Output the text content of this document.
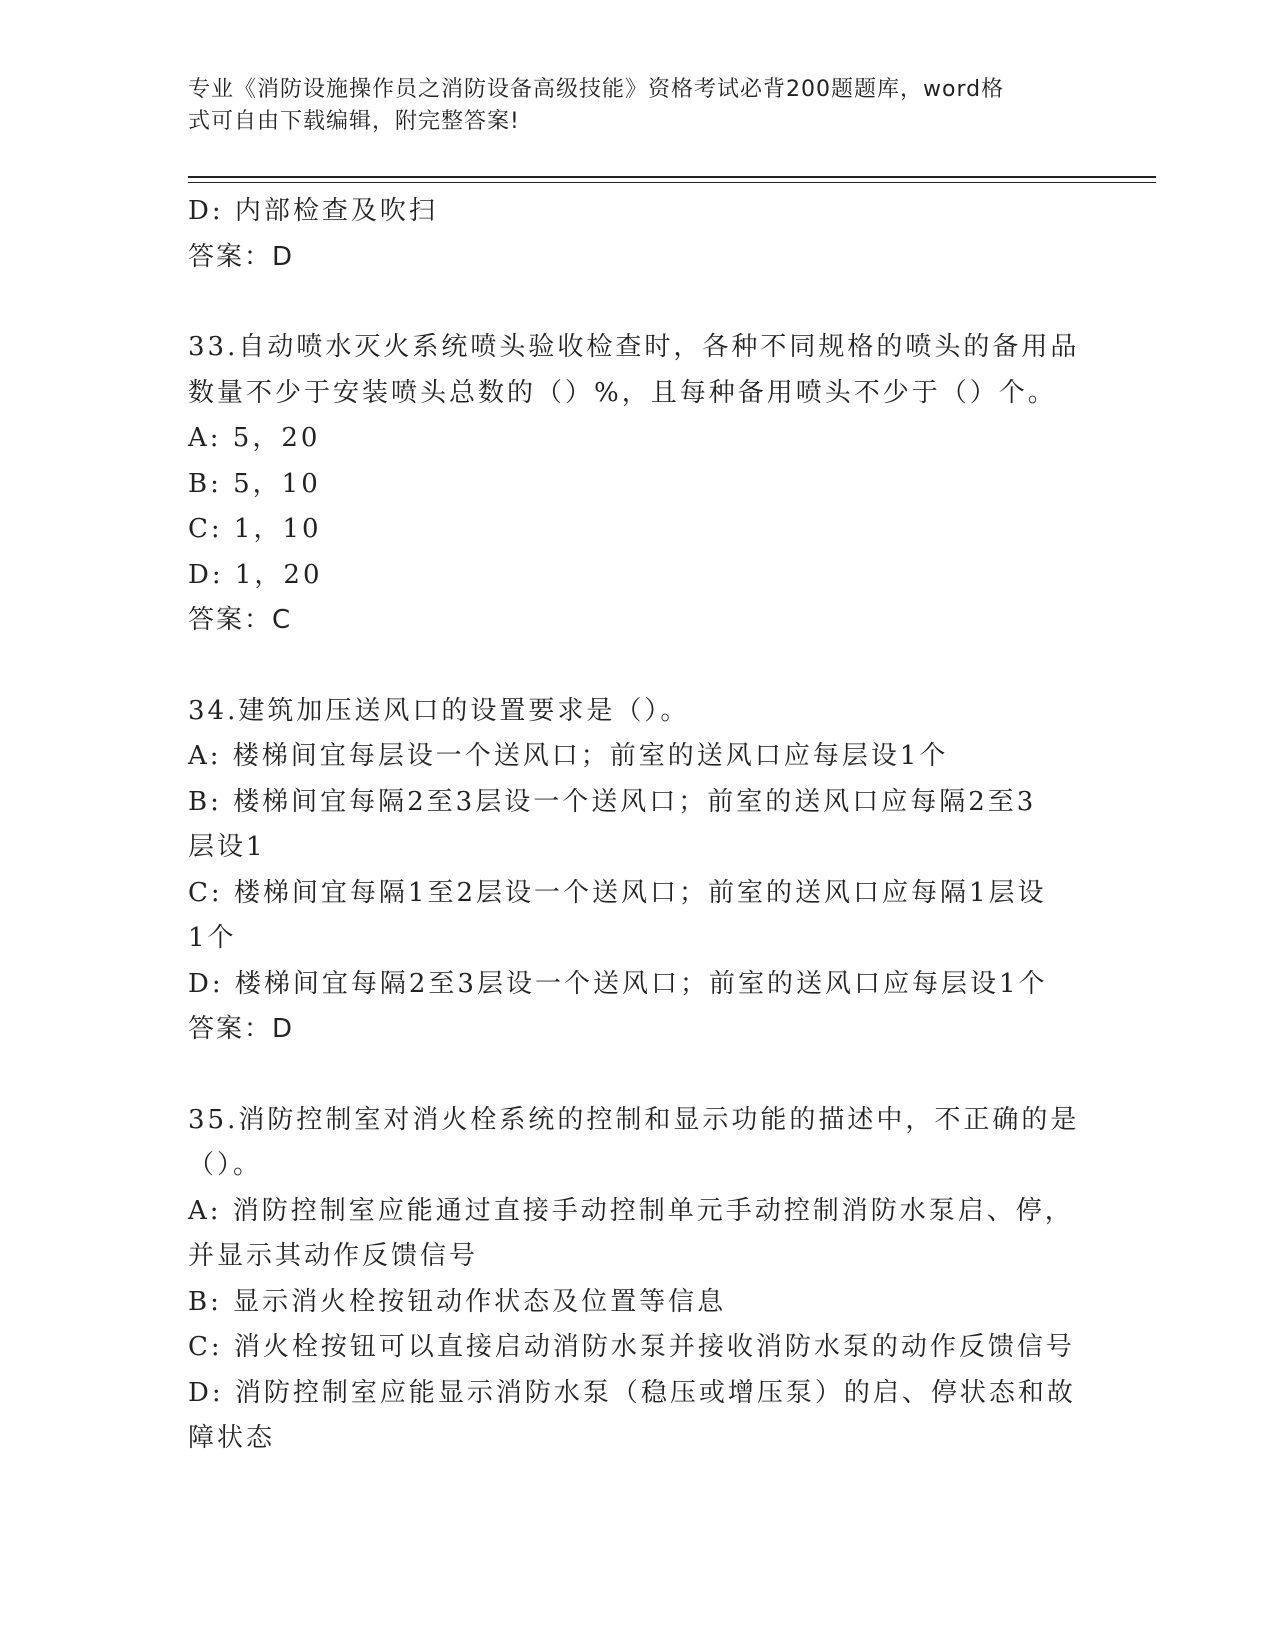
专业《消防设施操作员之消防设备高级技能》资格考试必背200题题库，word格
式可自由下载编辑，附完整答案!

D: 内部检查及吹扫

答案：D

33.自动喷水灭火系统喷头验收检查时，各种不同规格的喷头的备用品

数量不少于安装喷头总数的（）%，且每种备用喷头不少于（）个。

A: 5，20

B: 5，10

C: 1，10

D: 1，20

答案：C

34.建筑加压送风口的设置要求是（）。

A: 楼梯间宜每层设一个送风口；前室的送风口应每层设1个

B: 楼梯间宜每隔2至3层设一个送风口；前室的送风口应每隔2至3

层设1

C: 楼梯间宜每隔1至2层设一个送风口；前室的送风口应每隔1层设

1个

D: 楼梯间宜每隔2至3层设一个送风口；前室的送风口应每层设1个

答案：D

35.消防控制室对消火栓系统的控制和显示功能的描述中，不正确的是

（）。

A: 消防控制室应能通过直接手动控制单元手动控制消防水泵启、停，

并显示其动作反馈信号

B: 显示消火栓按钮动作状态及位置等信息

C: 消火栓按钮可以直接启动消防水泵并接收消防水泵的动作反馈信号

D: 消防控制室应能显示消防水泵（稳压或增压泵）的启、停状态和故

障状态
